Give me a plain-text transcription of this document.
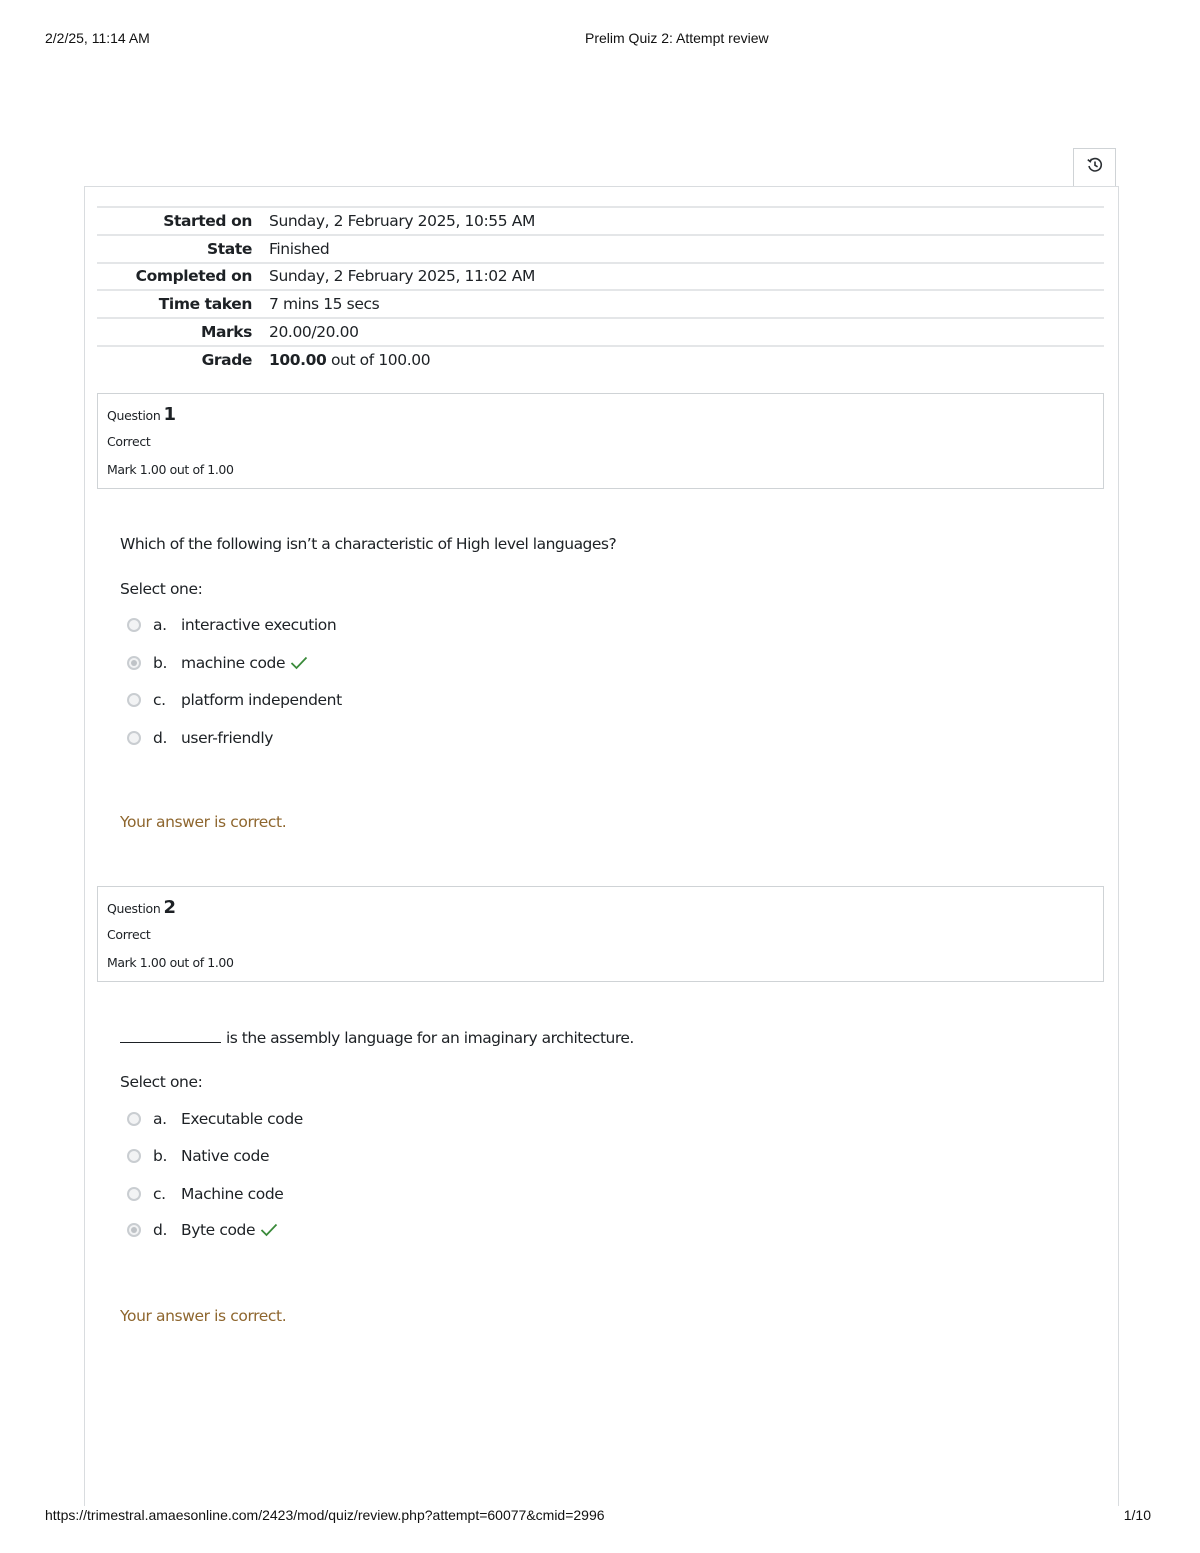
2/2/25, 11:14 AM	Prelim Quiz 2: Attempt review
Started on	Sunday, 2 February 2025, 10:55 AM
State	Finished
Completed on	Sunday, 2 February 2025, 11:02 AM
Time taken	7 mins 15 secs
Marks	20.00/20.00
Grade	100.00 out of 100.00
Question 1
Correct
Mark 1.00 out of 1.00
Which of the following isn’t a characteristic of High level languages?
Select one:
a. interactive execution
b. machine code
c. platform independent
d. user-friendly
Your answer is correct.
Question 2
Correct
Mark 1.00 out of 1.00
is the assembly language for an imaginary architecture.
Select one:
a. Executable code
b. Native code
c. Machine code
d. Byte code
Your answer is correct.
https://trimestral.amaesonline.com/2423/mod/quiz/review.php?attempt=60077&cmid=2996	1/10
